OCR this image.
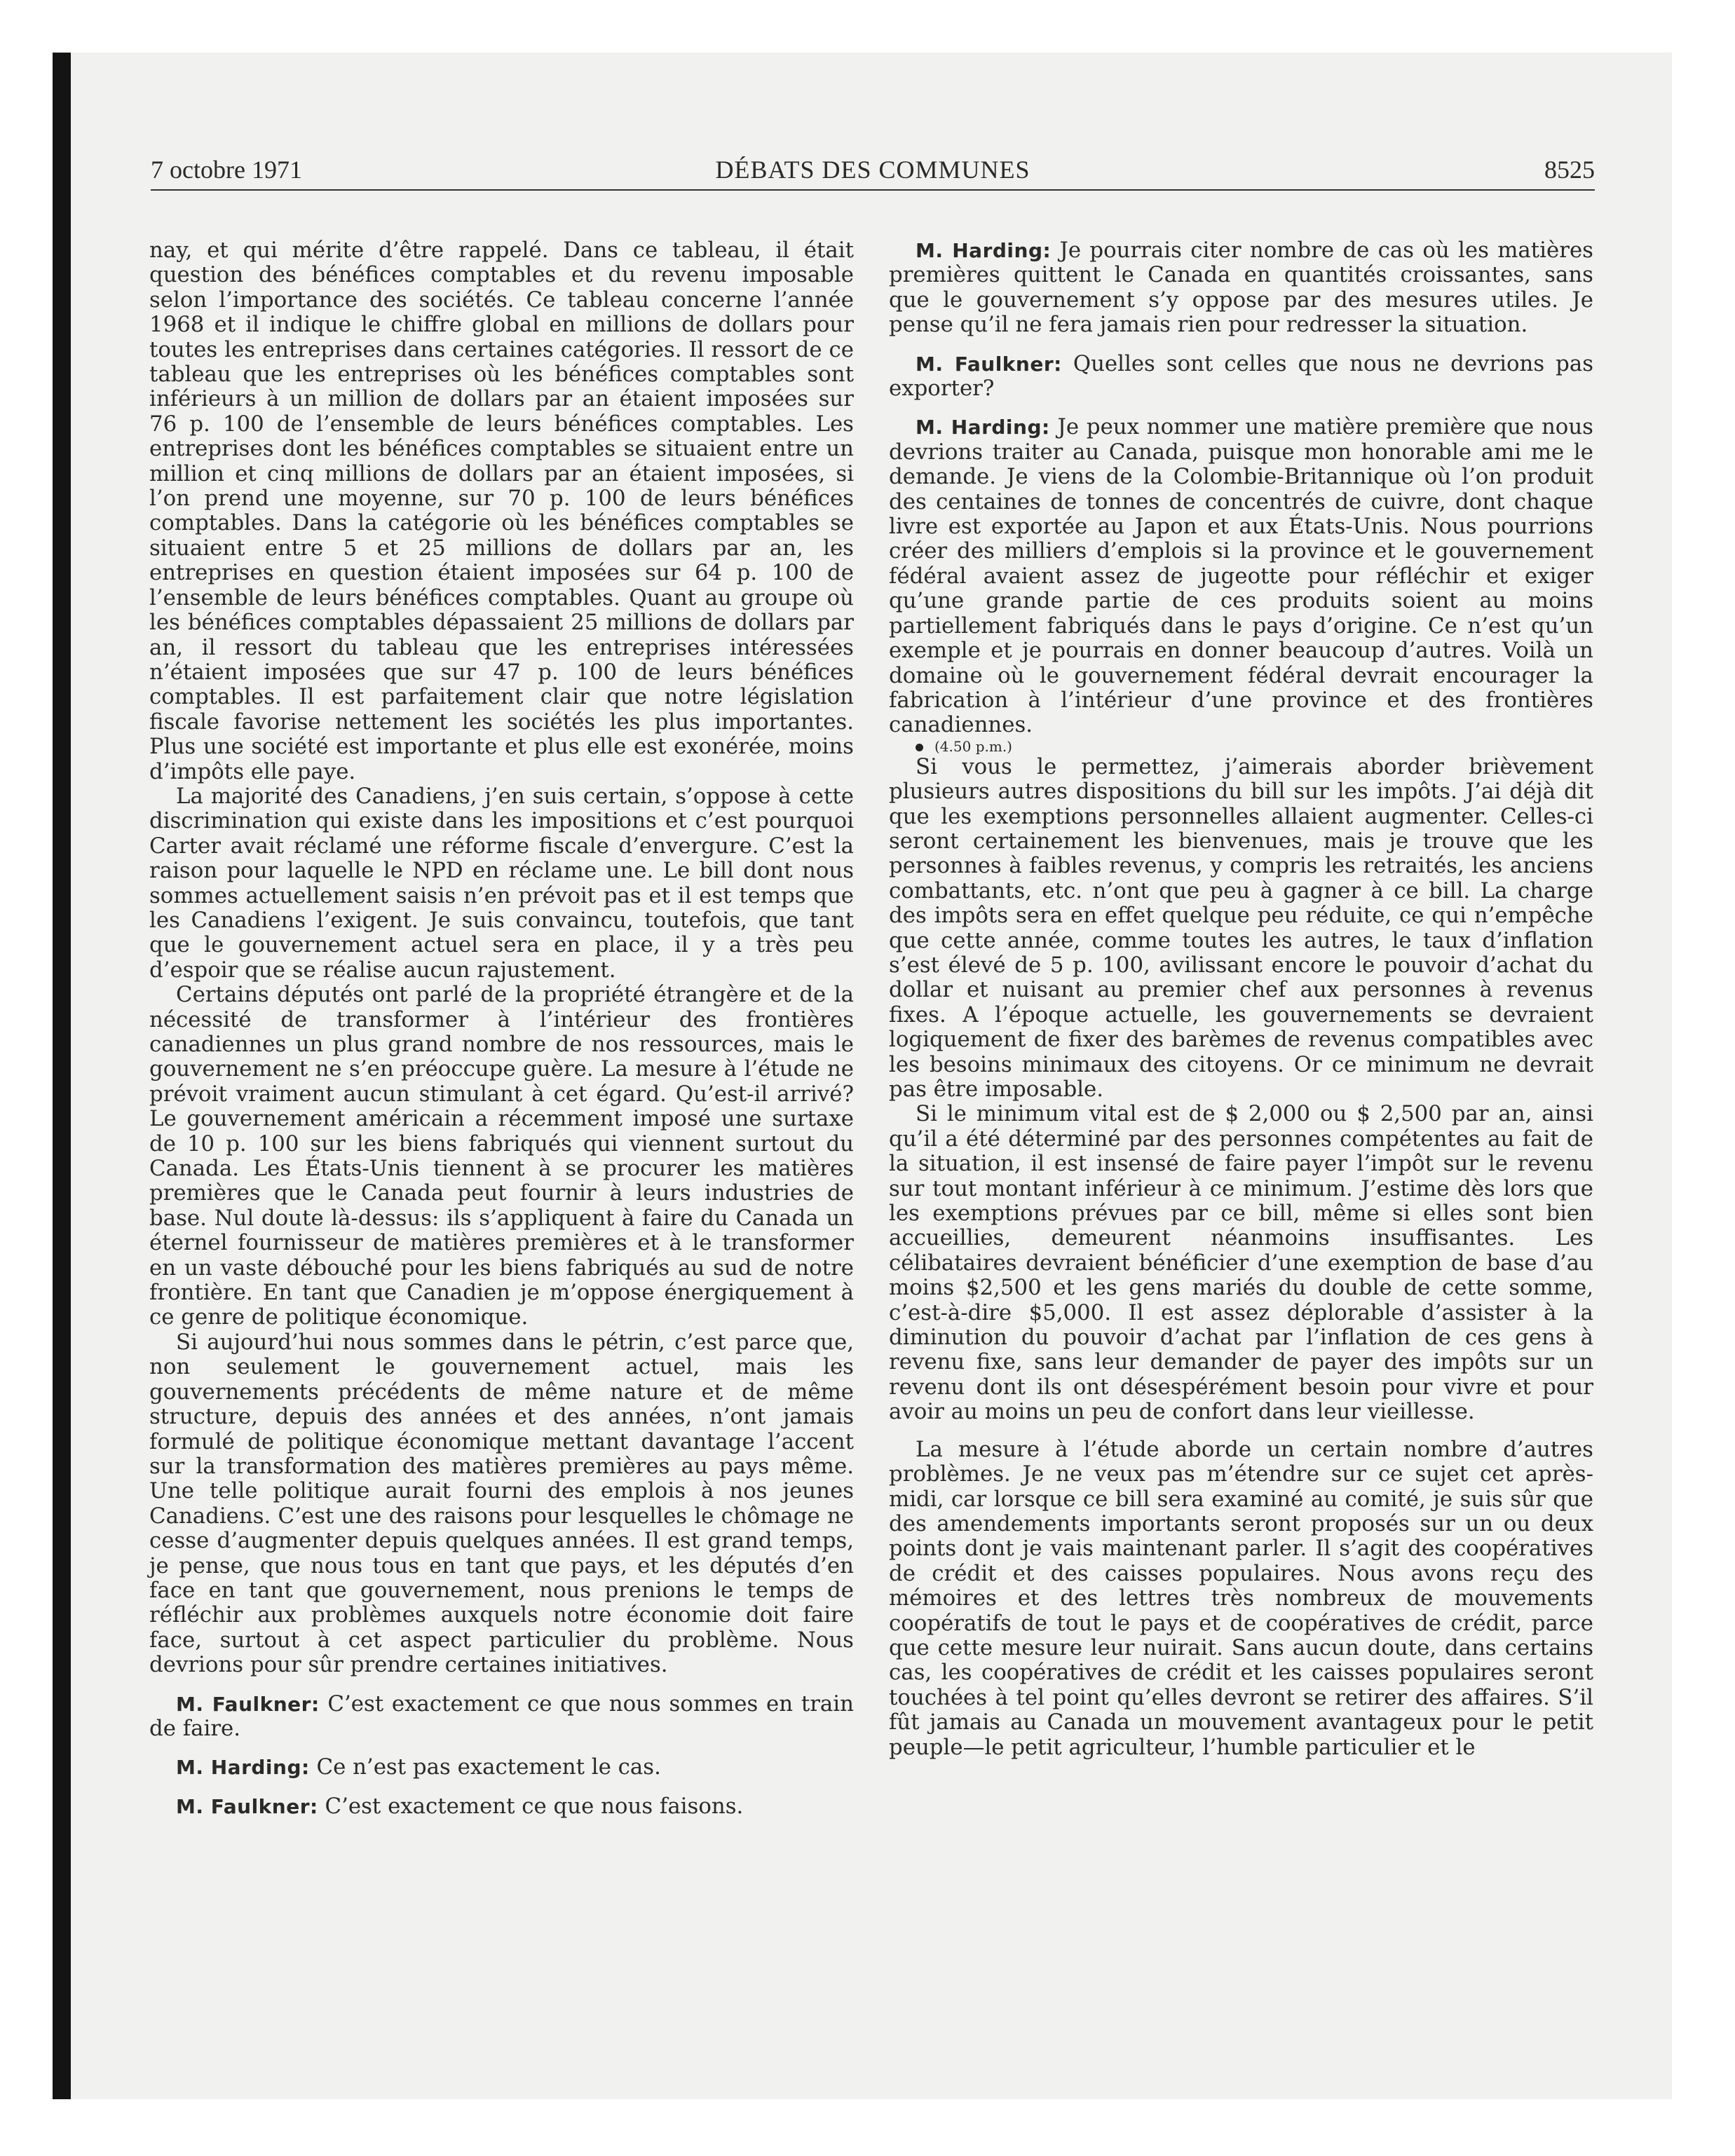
7 octobre 1971	DÉBATS DES COMMUNES	8525

nay, et qui mérite d’être rappelé. Dans ce tableau, il était question des bénéfices comptables et du revenu imposable selon l’importance des sociétés. Ce tableau concerne l’année 1968 et il indique le chiffre global en millions de dollars pour toutes les entreprises dans certaines catégories. Il ressort de ce tableau que les entreprises où les bénéfices comptables sont inférieurs à un million de dollars par an étaient imposées sur 76 p. 100 de l’ensemble de leurs bénéfices comptables. Les entreprises dont les bénéfices comptables se situaient entre un million et cinq millions de dollars par an étaient imposées, si l’on prend une moyenne, sur 70 p. 100 de leurs bénéfices comptables. Dans la catégorie où les bénéfices comptables se situaient entre 5 et 25 millions de dollars par an, les entreprises en question étaient imposées sur 64 p. 100 de l’ensemble de leurs bénéfices comptables. Quant au groupe où les bénéfices comptables dépassaient 25 millions de dollars par an, il ressort du tableau que les entreprises intéressées n’étaient imposées que sur 47 p. 100 de leurs bénéfices comptables. Il est parfaitement clair que notre législation fiscale favorise nettement les sociétés les plus importantes. Plus une société est importante et plus elle est exonérée, moins d’impôts elle paye.

La majorité des Canadiens, j’en suis certain, s’oppose à cette discrimination qui existe dans les impositions et c’est pourquoi Carter avait réclamé une réforme fiscale d’envergure. C’est la raison pour laquelle le NPD en réclame une. Le bill dont nous sommes actuellement saisis n’en prévoit pas et il est temps que les Canadiens l’exigent. Je suis convaincu, toutefois, que tant que le gouvernement actuel sera en place, il y a très peu d’espoir que se réalise aucun rajustement.

Certains députés ont parlé de la propriété étrangère et de la nécessité de transformer à l’intérieur des frontières canadiennes un plus grand nombre de nos ressources, mais le gouvernement ne s’en préoccupe guère. La mesure à l’étude ne prévoit vraiment aucun stimulant à cet égard. Qu’est-il arrivé? Le gouvernement américain a récemment imposé une surtaxe de 10 p. 100 sur les biens fabriqués qui viennent surtout du Canada. Les États-Unis tiennent à se procurer les matières premières que le Canada peut fournir à leurs industries de base. Nul doute là-dessus: ils s’appliquent à faire du Canada un éternel fournisseur de matières premières et à le transformer en un vaste débouché pour les biens fabriqués au sud de notre frontière. En tant que Canadien je m’oppose énergiquement à ce genre de politique économique.

Si aujourd’hui nous sommes dans le pétrin, c’est parce que, non seulement le gouvernement actuel, mais les gouvernements précédents de même nature et de même structure, depuis des années et des années, n’ont jamais formulé de politique économique mettant davantage l’accent sur la transformation des matières premières au pays même. Une telle politique aurait fourni des emplois à nos jeunes Canadiens. C’est une des raisons pour lesquelles le chômage ne cesse d’augmenter depuis quelques années. Il est grand temps, je pense, que nous tous en tant que pays, et les députés d’en face en tant que gouvernement, nous prenions le temps de réfléchir aux problèmes auxquels notre économie doit faire face, surtout à cet aspect particulier du problème. Nous devrions pour sûr prendre certaines initiatives.

M. Faulkner: C’est exactement ce que nous sommes en train de faire.

M. Harding: Ce n’est pas exactement le cas.

M. Faulkner: C’est exactement ce que nous faisons.

M. Harding: Je pourrais citer nombre de cas où les matières premières quittent le Canada en quantités croissantes, sans que le gouvernement s’y oppose par des mesures utiles. Je pense qu’il ne fera jamais rien pour redresser la situation.

M. Faulkner: Quelles sont celles que nous ne devrions pas exporter?

M. Harding: Je peux nommer une matière première que nous devrions traiter au Canada, puisque mon honorable ami me le demande. Je viens de la Colombie-Britannique où l’on produit des centaines de tonnes de concentrés de cuivre, dont chaque livre est exportée au Japon et aux États-Unis. Nous pourrions créer des milliers d’emplois si la province et le gouvernement fédéral avaient assez de jugeotte pour réfléchir et exiger qu’une grande partie de ces produits soient au moins partiellement fabriqués dans le pays d’origine. Ce n’est qu’un exemple et je pourrais en donner beaucoup d’autres. Voilà un domaine où le gouvernement fédéral devrait encourager la fabrication à l’intérieur d’une province et des frontières canadiennes.

(4.50 p.m.)

Si vous le permettez, j’aimerais aborder brièvement plusieurs autres dispositions du bill sur les impôts. J’ai déjà dit que les exemptions personnelles allaient augmenter. Celles-ci seront certainement les bienvenues, mais je trouve que les personnes à faibles revenus, y compris les retraités, les anciens combattants, etc. n’ont que peu à gagner à ce bill. La charge des impôts sera en effet quelque peu réduite, ce qui n’empêche que cette année, comme toutes les autres, le taux d’inflation s’est élevé de 5 p. 100, avilissant encore le pouvoir d’achat du dollar et nuisant au premier chef aux personnes à revenus fixes. A l’époque actuelle, les gouvernements se devraient logiquement de fixer des barèmes de revenus compatibles avec les besoins minimaux des citoyens. Or ce minimum ne devrait pas être imposable.

Si le minimum vital est de $ 2,000 ou $ 2,500 par an, ainsi qu’il a été déterminé par des personnes compétentes au fait de la situation, il est insensé de faire payer l’impôt sur le revenu sur tout montant inférieur à ce minimum. J’estime dès lors que les exemptions prévues par ce bill, même si elles sont bien accueillies, demeurent néanmoins insuffisantes. Les célibataires devraient bénéficier d’une exemption de base d’au moins $2,500 et les gens mariés du double de cette somme, c’est-à-dire $5,000. Il est assez déplorable d’assister à la diminution du pouvoir d’achat par l’inflation de ces gens à revenu fixe, sans leur demander de payer des impôts sur un revenu dont ils ont désespérément besoin pour vivre et pour avoir au moins un peu de confort dans leur vieillesse.

La mesure à l’étude aborde un certain nombre d’autres problèmes. Je ne veux pas m’étendre sur ce sujet cet après-midi, car lorsque ce bill sera examiné au comité, je suis sûr que des amendements importants seront proposés sur un ou deux points dont je vais maintenant parler. Il s’agit des coopératives de crédit et des caisses populaires. Nous avons reçu des mémoires et des lettres très nombreux de mouvements coopératifs de tout le pays et de coopératives de crédit, parce que cette mesure leur nuirait. Sans aucun doute, dans certains cas, les coopératives de crédit et les caisses populaires seront touchées à tel point qu’elles devront se retirer des affaires. S’il fût jamais au Canada un mouvement avantageux pour le petit peuple—le petit agriculteur, l’humble particulier et le
